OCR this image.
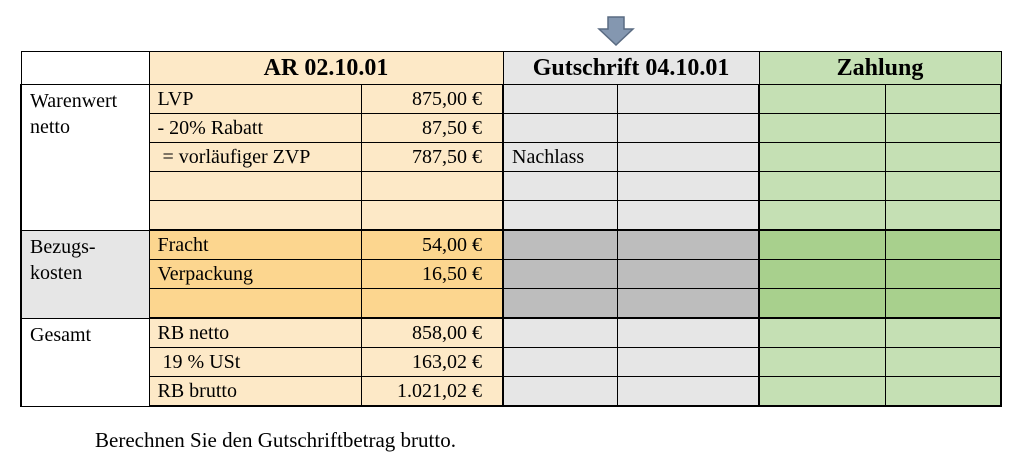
	AR 02.10.01		Gutschrift 04.10.01		Zahlung	
Warenwert netto	LVP	875,00 €				
	- 20% Rabatt	87,50 €				
	= vorläufiger ZVP	787,50 €	Nachlass			

Bezugs- kosten	Fracht	54,00 €				
	Verpackung	16,50 €				

Gesamt	RB netto	858,00 €				
	19 % USt	163,02 €				
	RB brutto	1.021,02 €				
Berechnen Sie den Gutschriftbetrag brutto.
